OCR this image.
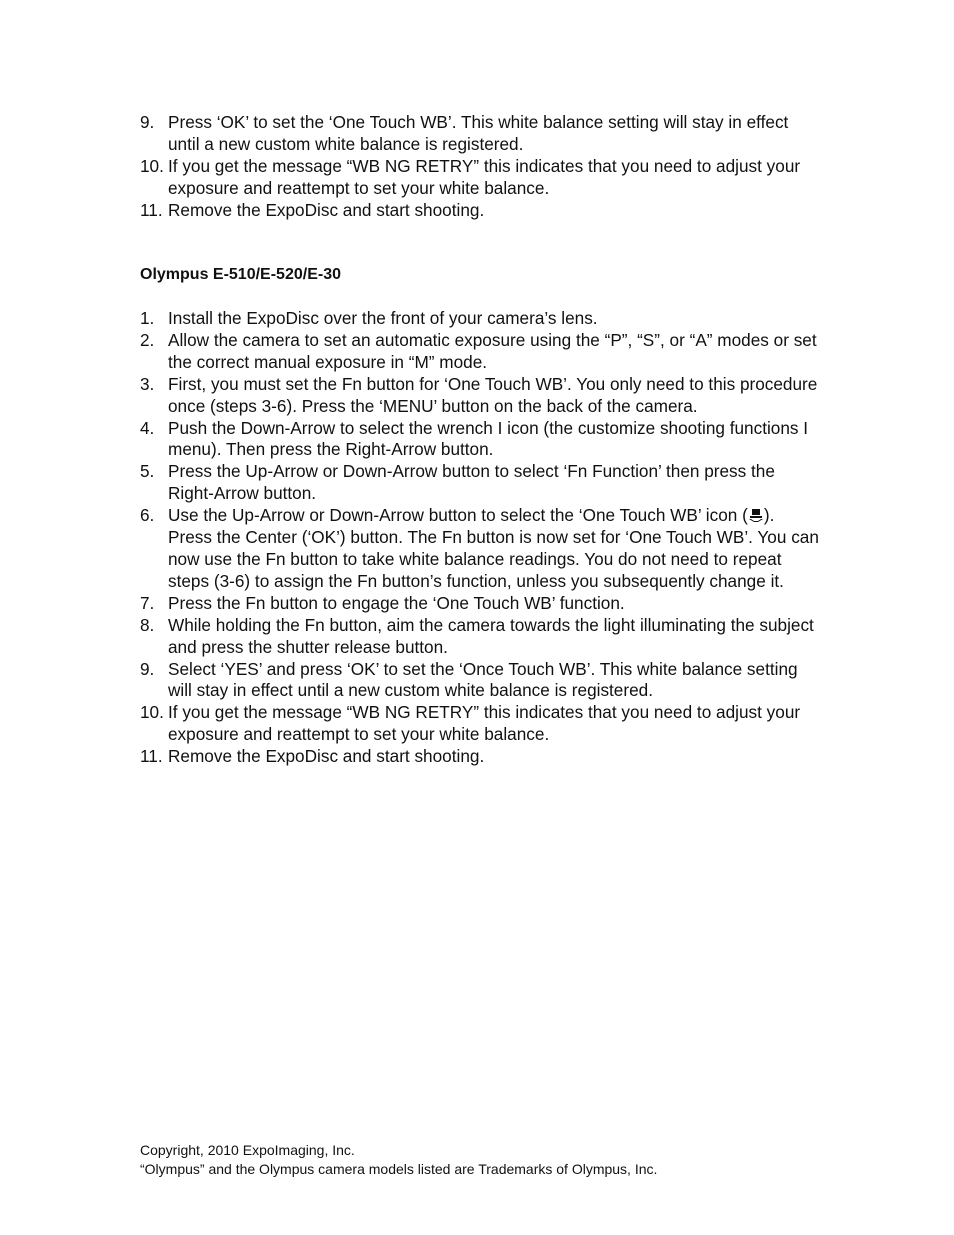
9. Press ‘OK’ to set the ‘One Touch WB’. This white balance setting will stay in effect until a new custom white balance is registered.
10. If you get the message “WB NG RETRY” this indicates that you need to adjust your exposure and reattempt to set your white balance.
11. Remove the ExpoDisc and start shooting.
Olympus E-510/E-520/E-30
1. Install the ExpoDisc over the front of your camera’s lens.
2. Allow the camera to set an automatic exposure using the “P”, “S”, or “A” modes or set the correct manual exposure in “M” mode.
3. First, you must set the Fn button for ‘One Touch WB’. You only need to this procedure once (steps 3-6). Press the ‘MENU’ button on the back of the camera.
4. Push the Down-Arrow to select the wrench I icon (the customize shooting functions I menu). Then press the Right-Arrow button.
5. Press the Up-Arrow or Down-Arrow button to select ‘Fn Function’ then press the Right-Arrow button.
6. Use the Up-Arrow or Down-Arrow button to select the ‘One Touch WB’ icon ( ). Press the Center (‘OK’) button. The Fn button is now set for ‘One Touch WB’. You can now use the Fn button to take white balance readings. You do not need to repeat steps (3-6) to assign the Fn button’s function, unless you subsequently change it.
7. Press the Fn button to engage the ‘One Touch WB’ function.
8. While holding the Fn button, aim the camera towards the light illuminating the subject and press the shutter release button.
9. Select ‘YES’ and press ‘OK’ to set the ‘Once Touch WB’. This white balance setting will stay in effect until a new custom white balance is registered.
10. If you get the message “WB NG RETRY” this indicates that you need to adjust your exposure and reattempt to set your white balance.
11. Remove the ExpoDisc and start shooting.
Copyright, 2010 ExpoImaging, Inc.
“Olympus” and the Olympus camera models listed are Trademarks of Olympus, Inc.
